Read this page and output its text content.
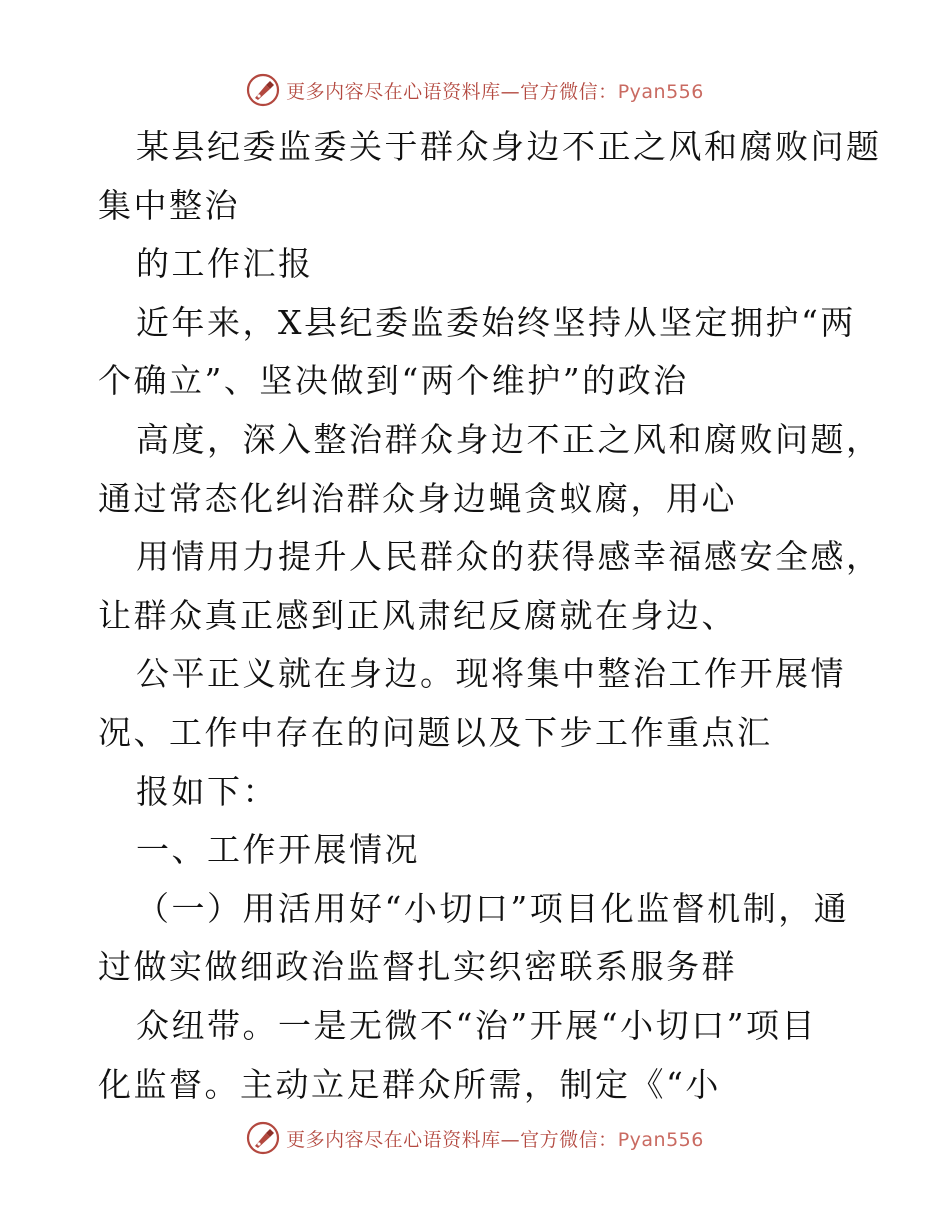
更多内容尽在心语资料库—官方微信：Pyan556
某县纪委监委关于群众身边不正之风和腐败问题
集中整治
的工作汇报
近年来，X县纪委监委始终坚持从坚定拥护“两
个确立”、坚决做到“两个维护”的政治
高度，深入整治群众身边不正之风和腐败问题，
通过常态化纠治群众身边蝇贪蚁腐，用心
用情用力提升人民群众的获得感幸福感安全感，
让群众真正感到正风肃纪反腐就在身边、
公平正义就在身边。现将集中整治工作开展情
况、工作中存在的问题以及下步工作重点汇
报如下：
一、工作开展情况
（一）用活用好“小切口”项目化监督机制，通
过做实做细政治监督扎实织密联系服务群
众纽带。一是无微不“治”开展“小切口”项目
化监督。主动立足群众所需，制定《“小
更多内容尽在心语资料库—官方微信：Pyan556
